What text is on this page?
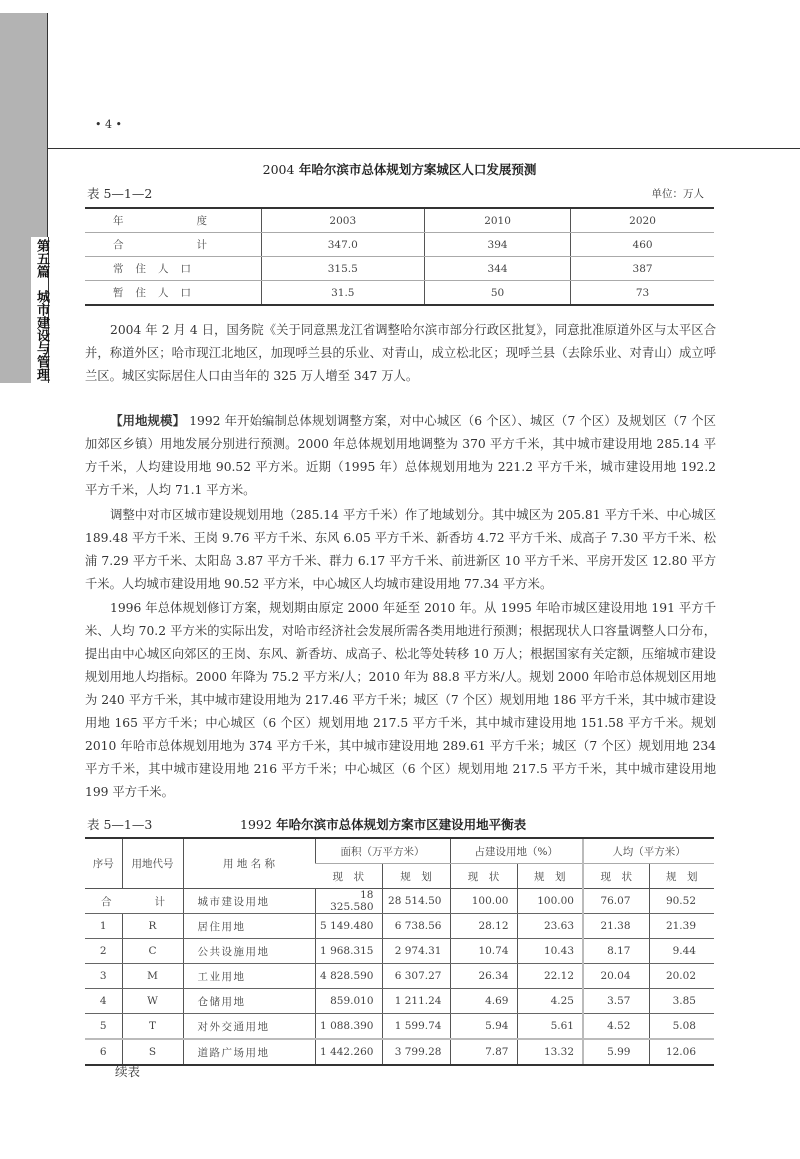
第五篇城市建设与管理
• 4 •
2004 年哈尔滨市总体规划方案城区人口发展预测
表 5—1—2	单位：万人
年 度	2003	2010	2020

合 计	347.0	394	460

常 住 人 口	315.5	344	387

暂 住 人 口	31.5	50	73

2004 年 2 月 4 日，国务院《关于同意黑龙江省调整哈尔滨市部分行政区批复》，同意批准原道外区与太平区合并，称道外区；哈市现江北地区，加现呼兰县的乐业、对青山，成立松北区；现呼兰县（去除乐业、对青山）成立呼兰区。城区实际居住人口由当年的 325 万人增至 347 万人。

【用地规模】 1992 年开始编制总体规划调整方案，对中心城区（6 个区）、城区（7 个区）及规划区（7 个区加郊区乡镇）用地发展分别进行预测。2000 年总体规划用地调整为 370 平方千米，其中城市建设用地 285.14 平方千米，人均建设用地 90.52 平方米。近期（1995 年）总体规划用地为 221.2 平方千米，城市建设用地 192.2 平方千米，人均 71.1 平方米。

调整中对市区城市建设规划用地（285.14 平方千米）作了地域划分。其中城区为 205.81 平方千米、中心城区 189.48 平方千米、王岗 9.76 平方千米、东风 6.05 平方千米、新香坊 4.72 平方千米、成高子 7.30 平方千米、松浦 7.29 平方千米、太阳岛 3.87 平方千米、群力 6.17 平方千米、前进新区 10 平方千米、平房开发区 12.80 平方千米。人均城市建设用地 90.52 平方米，中心城区人均城市建设用地 77.34 平方米。

1996 年总体规划修订方案，规划期由原定 2000 年延至 2010 年。从 1995 年哈市城区建设用地 191 平方千米、人均 70.2 平方米的实际出发，对哈市经济社会发展所需各类用地进行预测；根据现状人口容量调整人口分布，提出由中心城区向郊区的王岗、东风、新香坊、成高子、松北等处转移 10 万人；根据国家有关定额，压缩城市建设规划用地人均指标。2000 年降为 75.2 平方米/人；2010 年为 88.8 平方米/人。规划 2000 年哈市总体规划区用地为 240 平方千米，其中城市建设用地为 217.46 平方千米；城区（7 个区）规划用地 186 平方千米，其中城市建设用地 165 平方千米；中心城区（6 个区）规划用地 217.5 平方千米，其中城市建设用地 151.58 平方千米。规划 2010 年哈市总体规划用地为 374 平方千米，其中城市建设用地 289.61 平方千米；城区（7 个区）规划用地 234 平方千米，其中城市建设用地 216 平方千米；中心城区（6 个区）规划用地 217.5 平方千米，其中城市建设用地 199 平方千米。

表 5—1—3	1992 年哈尔滨市总体规划方案市区建设用地平衡表
序号	用地代号	用 地 名 称	面积（万平方米）		占建设用地（%）		人均（平方米）	
			现　状	规　划	现　状	规　划	现　状	规　划

合 计		城市建设用地	18 325.580	28 514.50	100.00	100.00	76.07	90.52
1	R	居住用地	5 149.480	6 738.56	28.12	23.63	21.38	21.39
2	C	公共设施用地	1 968.315	2 974.31	10.74	10.43	8.17	9.44
3	M	工业用地	4 828.590	6 307.27	26.34	22.12	20.04	20.02
4	W	仓储用地	859.010	1 211.24	4.69	4.25	3.57	3.85
5	T	对外交通用地	1 088.390	1 599.74	5.94	5.61	4.52	5.08
6	S	道路广场用地	1 442.260	3 799.28	7.87	13.32	5.99	12.06
续表
